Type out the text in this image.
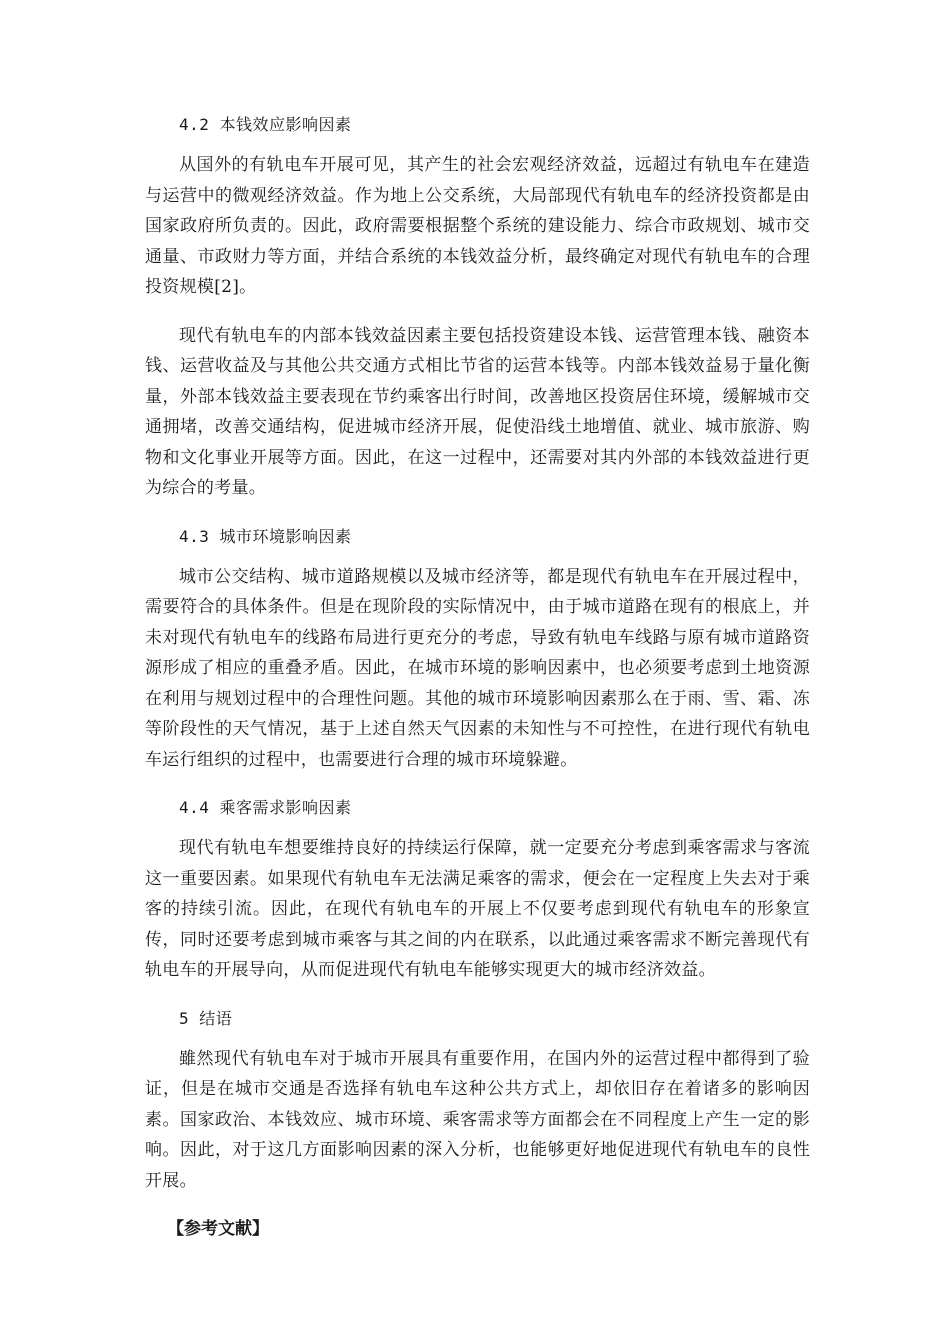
4.2 本钱效应影响因素

从国外的有轨电车开展可见，其产生的社会宏观经济效益，远超过有轨电车在建造与运营中的微观经济效益。作为地上公交系统，大局部现代有轨电车的经济投资都是由国家政府所负责的。因此，政府需要根据整个系统的建设能力、综合市政规划、城市交通量、市政财力等方面，并结合系统的本钱效益分析，最终确定对现代有轨电车的合理投资规模[2]。

现代有轨电车的内部本钱效益因素主要包括投资建设本钱、运营管理本钱、融资本钱、运营收益及与其他公共交通方式相比节省的运营本钱等。内部本钱效益易于量化衡量，外部本钱效益主要表现在节约乘客出行时间，改善地区投资居住环境，缓解城市交通拥堵，改善交通结构，促进城市经济开展，促使沿线土地增值、就业、城市旅游、购物和文化事业开展等方面。因此，在这一过程中，还需要对其内外部的本钱效益进行更为综合的考量。

4.3 城市环境影响因素

城市公交结构、城市道路规模以及城市经济等，都是现代有轨电车在开展过程中，需要符合的具体条件。但是在现阶段的实际情况中，由于城市道路在现有的根底上，并未对现代有轨电车的线路布局进行更充分的考虑，导致有轨电车线路与原有城市道路资源形成了相应的重叠矛盾。因此，在城市环境的影响因素中，也必须要考虑到土地资源在利用与规划过程中的合理性问题。其他的城市环境影响因素那么在于雨、雪、霜、冻等阶段性的天气情况，基于上述自然天气因素的未知性与不可控性，在进行现代有轨电车运行组织的过程中，也需要进行合理的城市环境躲避。

4.4 乘客需求影响因素

现代有轨电车想要维持良好的持续运行保障，就一定要充分考虑到乘客需求与客流这一重要因素。如果现代有轨电车无法满足乘客的需求，便会在一定程度上失去对于乘客的持续引流。因此，在现代有轨电车的开展上不仅要考虑到现代有轨电车的形象宣传，同时还要考虑到城市乘客与其之间的内在联系，以此通过乘客需求不断完善现代有轨电车的开展导向，从而促进现代有轨电车能够实现更大的城市经济效益。

5 结语

雖然现代有轨电车对于城市开展具有重要作用，在国内外的运营过程中都得到了验证，但是在城市交通是否选择有轨电车这种公共方式上，却依旧存在着诸多的影响因素。国家政治、本钱效应、城市环境、乘客需求等方面都会在不同程度上产生一定的影响。因此，对于这几方面影响因素的深入分析，也能够更好地促进现代有轨电车的良性开展。

【参考文献】
